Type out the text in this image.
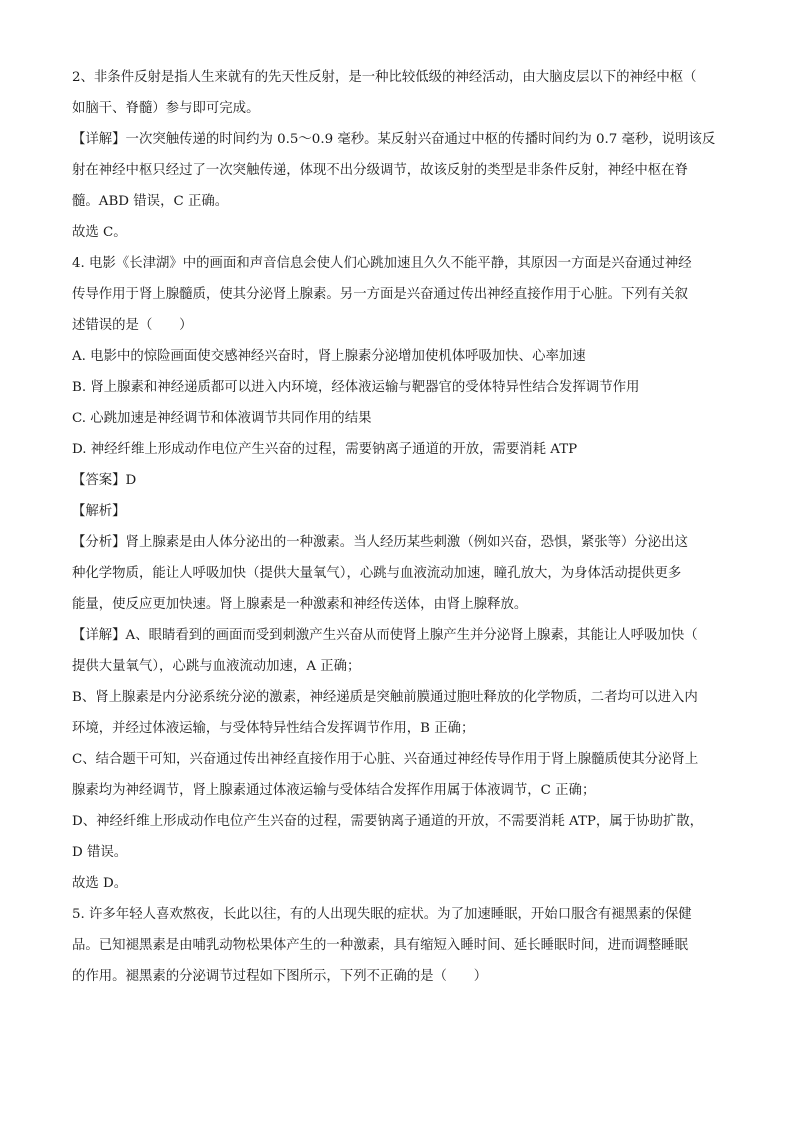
2、非条件反射是指人生来就有的先天性反射，是一种比较低级的神经活动，由大脑皮层以下的神经中枢（
如脑干、脊髓）参与即可完成。
【详解】一次突触传递的时间约为 0.5～0.9 毫秒。某反射兴奋通过中枢的传播时间约为 0.7 毫秒，说明该反
射在神经中枢只经过了一次突触传递，体现不出分级调节，故该反射的类型是非条件反射，神经中枢在脊
髓。ABD 错误，C 正确。
故选 C。
4. 电影《长津湖》中的画面和声音信息会使人们心跳加速且久久不能平静，其原因一方面是兴奋通过神经
传导作用于肾上腺髓质，使其分泌肾上腺素。另一方面是兴奋通过传出神经直接作用于心脏。下列有关叙
述错误的是（　　）
A. 电影中的惊险画面使交感神经兴奋时，肾上腺素分泌增加使机体呼吸加快、心率加速
B. 肾上腺素和神经递质都可以进入内环境，经体液运输与靶器官的受体特异性结合发挥调节作用
C. 心跳加速是神经调节和体液调节共同作用的结果
D. 神经纤维上形成动作电位产生兴奋的过程，需要钠离子通道的开放，需要消耗 ATP
【答案】D
【解析】
【分析】肾上腺素是由人体分泌出的一种激素。当人经历某些刺激（例如兴奋，恐惧，紧张等）分泌出这
种化学物质，能让人呼吸加快（提供大量氧气），心跳与血液流动加速，瞳孔放大，为身体活动提供更多
能量，使反应更加快速。肾上腺素是一种激素和神经传送体，由肾上腺释放。
【详解】A、眼睛看到的画面而受到刺激产生兴奋从而使肾上腺产生并分泌肾上腺素，其能让人呼吸加快（
提供大量氧气），心跳与血液流动加速，A 正确；
B、肾上腺素是内分泌系统分泌的激素，神经递质是突触前膜通过胞吐释放的化学物质，二者均可以进入内
环境，并经过体液运输，与受体特异性结合发挥调节作用，B 正确；
C、结合题干可知，兴奋通过传出神经直接作用于心脏、兴奋通过神经传导作用于肾上腺髓质使其分泌肾上
腺素均为神经调节，肾上腺素通过体液运输与受体结合发挥作用属于体液调节，C 正确；
D、神经纤维上形成动作电位产生兴奋的过程，需要钠离子通道的开放，不需要消耗 ATP，属于协助扩散，
D 错误。
故选 D。
5. 许多年轻人喜欢熬夜，长此以往，有的人出现失眠的症状。为了加速睡眠，开始口服含有褪黑素的保健
品。已知褪黑素是由哺乳动物松果体产生的一种激素，具有缩短入睡时间、延长睡眠时间，进而调整睡眠
的作用。褪黑素的分泌调节过程如下图所示，下列不正确的是（　　）
